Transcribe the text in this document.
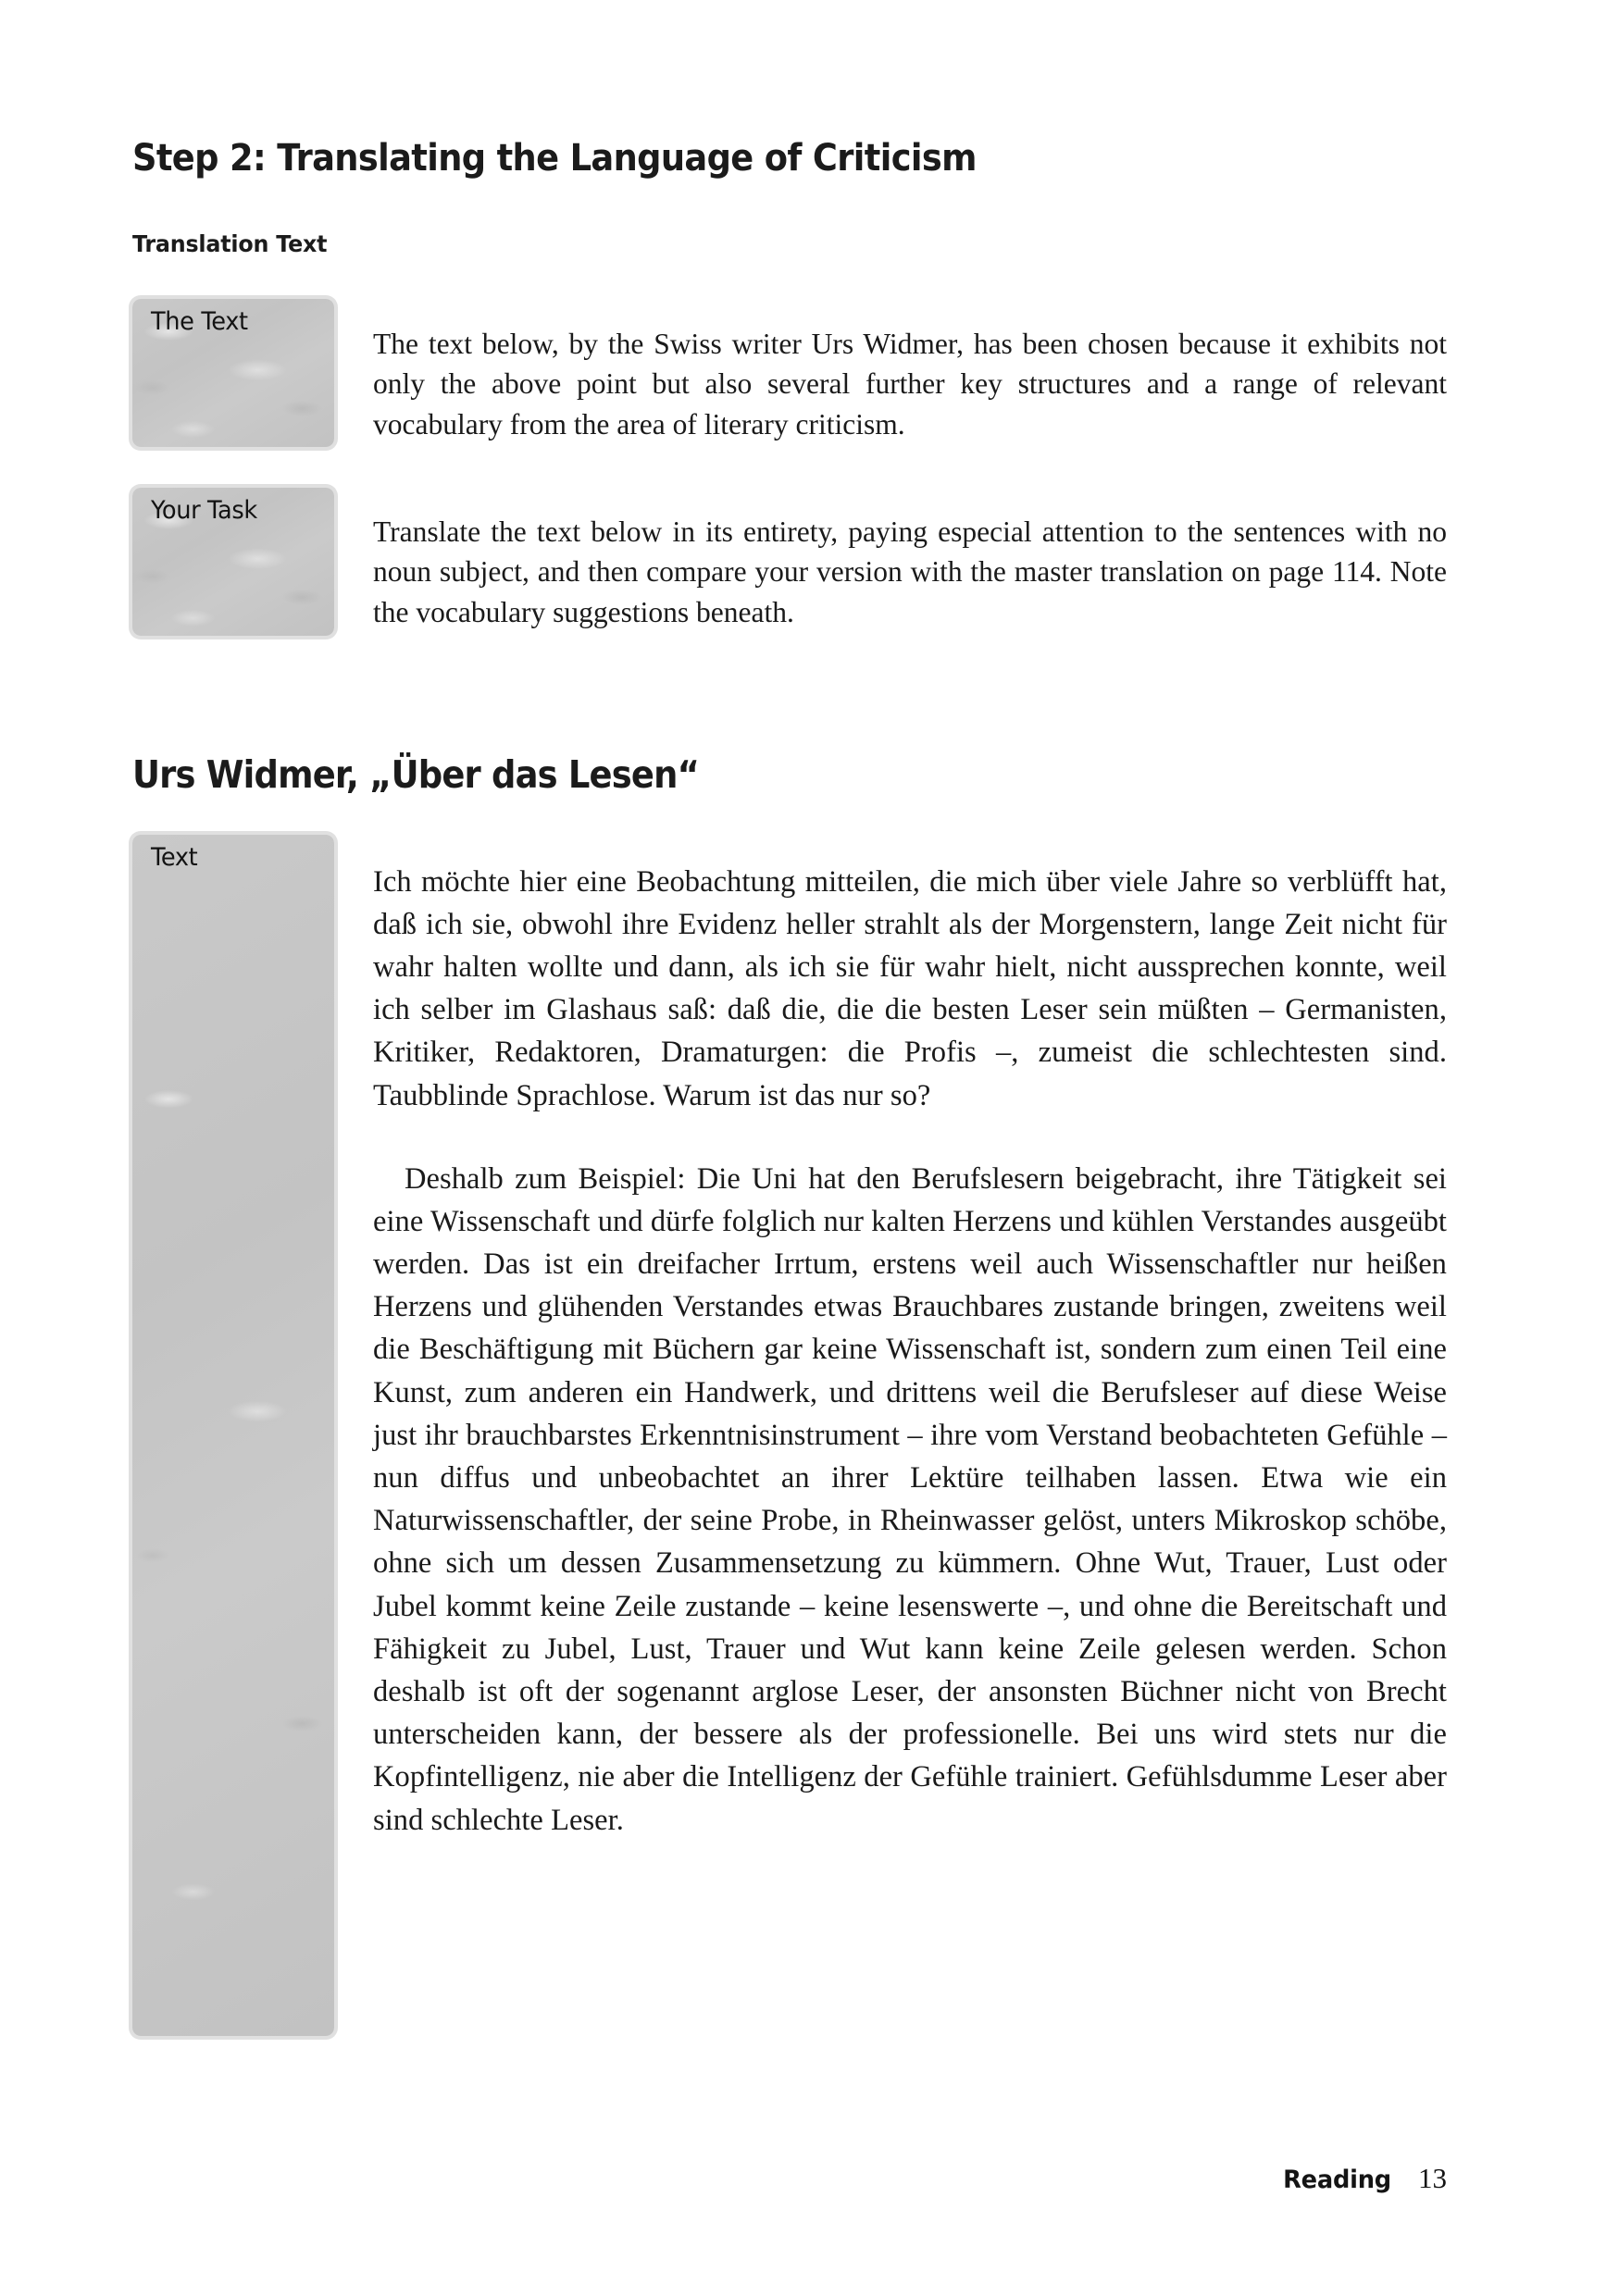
Step 2: Translating the Language of Criticism
Translation Text
The Text

The text below, by the Swiss writer Urs Widmer, has been chosen because it exhibits not only the above point but also several further key structures and a range of relevant vocabulary from the area of literary criticism.

Your Task

Translate the text below in its entirety, paying especial attention to the sentences with no noun subject, and then compare your version with the master translation on page 114. Note the vocabulary suggestions beneath.

Urs Widmer, „Über das Lesen“
Text

Ich möchte hier eine Beobachtung mitteilen, die mich über viele Jahre so verblüfft hat, daß ich sie, obwohl ihre Evidenz heller strahlt als der Morgenstern, lange Zeit nicht für wahr halten wollte und dann, als ich sie für wahr hielt, nicht aussprechen konnte, weil ich selber im Glashaus saß: daß die, die die besten Leser sein müßten – Germanisten, Kritiker, Redaktoren, Dramaturgen: die Profis –, zumeist die schlechtesten sind. Taubblinde Sprachlose. Warum ist das nur so?

Deshalb zum Beispiel: Die Uni hat den Berufslesern beigebracht, ihre Tätigkeit sei eine Wissenschaft und dürfe folglich nur kalten Herzens und kühlen Verstandes ausgeübt werden. Das ist ein dreifacher Irrtum, erstens weil auch Wissenschaftler nur heißen Herzens und glühenden Verstandes etwas Brauchbares zustande bringen, zweitens weil die Beschäftigung mit Büchern gar keine Wissenschaft ist, sondern zum einen Teil eine Kunst, zum anderen ein Handwerk, und drittens weil die Berufsleser auf diese Weise just ihr brauchbarstes Erkenntnisinstrument – ihre vom Verstand beobachteten Gefühle – nun diffus und unbeobachtet an ihrer Lektüre teilhaben lassen. Etwa wie ein Naturwissenschaftler, der seine Probe, in Rheinwasser gelöst, unters Mikroskop schöbe, ohne sich um dessen Zusammensetzung zu kümmern. Ohne Wut, Trauer, Lust oder Jubel kommt keine Zeile zustande – keine lesenswerte –, und ohne die Bereitschaft und Fähigkeit zu Jubel, Lust, Trauer und Wut kann keine Zeile gelesen werden. Schon deshalb ist oft der sogenannt arglose Leser, der ansonsten Büchner nicht von Brecht unterscheiden kann, der bessere als der professionelle. Bei uns wird stets nur die Kopfintelligenz, nie aber die Intelligenz der Gefühle trainiert. Gefühlsdumme Leser aber sind schlechte Leser.

Reading 13
